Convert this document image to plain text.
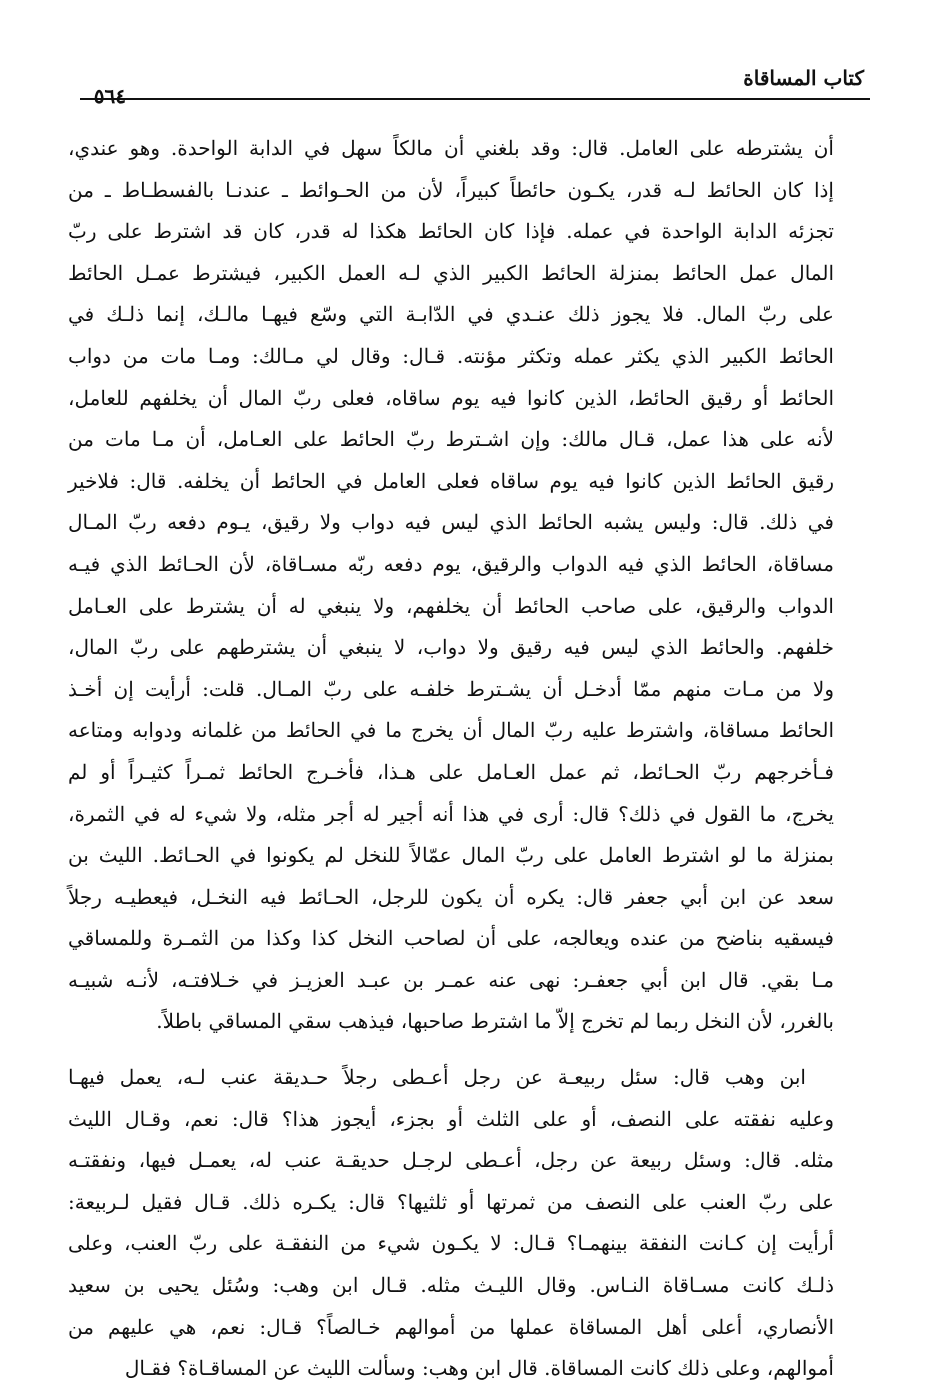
كتاب المساقاة
٥٦٤
أن يشترطه على العامل. قال: وقد بلغني أن مالكاً سهل في الدابة الواحدة. وهو عندي،
إذا كان الحائط لـه قدر، يكـون حائطاً كبيراً، لأن من الحـوائط ـ عندنـا بالفسطـاط ـ من
تجزئه الدابة الواحدة في عمله. فإذا كان الحائط هكذا له قدر، كان قد اشترط على ربّ
المال عمل الحائط بمنزلة الحائط الكبير الذي لـه العمل الكبير، فيشترط عمـل الحائط
على ربّ المال. فلا يجوز ذلك عنـدي في الدّابـة التي وسّع فيهـا مالـك، إنما ذلـك في
الحائط الكبير الذي يكثر عمله وتكثر مؤنته. قـال: وقال لي مـالك: ومـا مات من دواب
الحائط أو رقيق الحائط، الذين كانوا فيه يوم ساقاه، فعلى ربّ المال أن يخلفهم للعامل،
لأنه على هذا عمل، قـال مالك: وإن اشـترط ربّ الحائط على العـامل، أن مـا مات من
رقيق الحائط الذين كانوا فيه يوم ساقاه فعلى العامل في الحائط أن يخلفه. قال: فلاخير
في ذلك. قال: وليس يشبه الحائط الذي ليس فيه دواب ولا رقيق، يـوم دفعه ربّ المـال
مساقاة، الحائط الذي فيه الدواب والرقيق، يوم دفعه ربّه مسـاقاة، لأن الحـائط الذي فيـه
الدواب والرقيق، على صاحب الحائط أن يخلفهم، ولا ينبغي له أن يشترط على العـامل
خلفهم. والحائط الذي ليس فيه رقيق ولا دواب، لا ينبغي أن يشترطهم على ربّ المال،
ولا من مـات منهم ممّا أدخـل أن يشـترط خلفـه على ربّ المـال. قلت: أرأيت إن أخـذ
الحائط مساقاة، واشترط عليه ربّ المال أن يخرج ما في الحائط من غلمانه ودوابه ومتاعه
فـأخرجهم ربّ الحـائط، ثم عمل العـامل على هـذا، فأخـرج الحائط ثمـراً كثيـراً أو لم
يخرج، ما القول في ذلك؟ قال: أرى في هذا أنه أجير له أجر مثله، ولا شيء له في الثمرة،
بمنزلة ما لو اشترط العامل على ربّ المال عمّالاً للنخل لم يكونوا في الحـائط. الليث بن
سعد عن ابن أبي جعفر قال: يكره أن يكون للرجل، الحـائط فيه النخـل، فيعطيـه رجلاً
فيسقيه بناضح من عنده ويعالجه، على أن لصاحب النخل كذا وكذا من الثمـرة وللمساقي
مـا بقي. قال ابن أبي جعفـر: نهى عنه عمـر بن عبـد العزيـز في خـلافتـه، لأنـه شبيـه
بالغرر، لأن النخل ربما لم تخرج إلاّ ما اشترط صاحبها، فيذهب سقي المساقي باطلاً.
ابن وهب قال: سئل ربيعـة عن رجل أعـطى رجلاً حـديقة عنب لـه، يعمل فيهـا
وعليه نفقته على النصف، أو على الثلث أو بجزء، أيجوز هذا؟ قال: نعم، وقـال الليث
مثله. قال: وسئل ربيعة عن رجل، أعـطى لرجـل حديقـة عنب له، يعمـل فيها، ونفقتـه
على ربّ العنب على النصف من ثمرتها أو ثلثيها؟ قال: يكـره ذلك. قـال فقيل لـربيعة:
أرأيت إن كـانت النفقة بينهمـا؟ قـال: لا يكـون شيء من النفقـة على ربّ العنب، وعلى
ذلـك كانت مسـاقاة النـاس. وقال الليـث مثله. قـال ابن وهب: وسُئل يحيى بن سعيد
الأنصاري، أعلى أهل المساقاة عملها من أموالهم خـالصاً؟ قـال: نعم، هي عليهم من
أموالهم، وعلى ذلك كانت المساقاة. قال ابن وهب: وسألت الليث عن المساقـاة؟ فقـال
